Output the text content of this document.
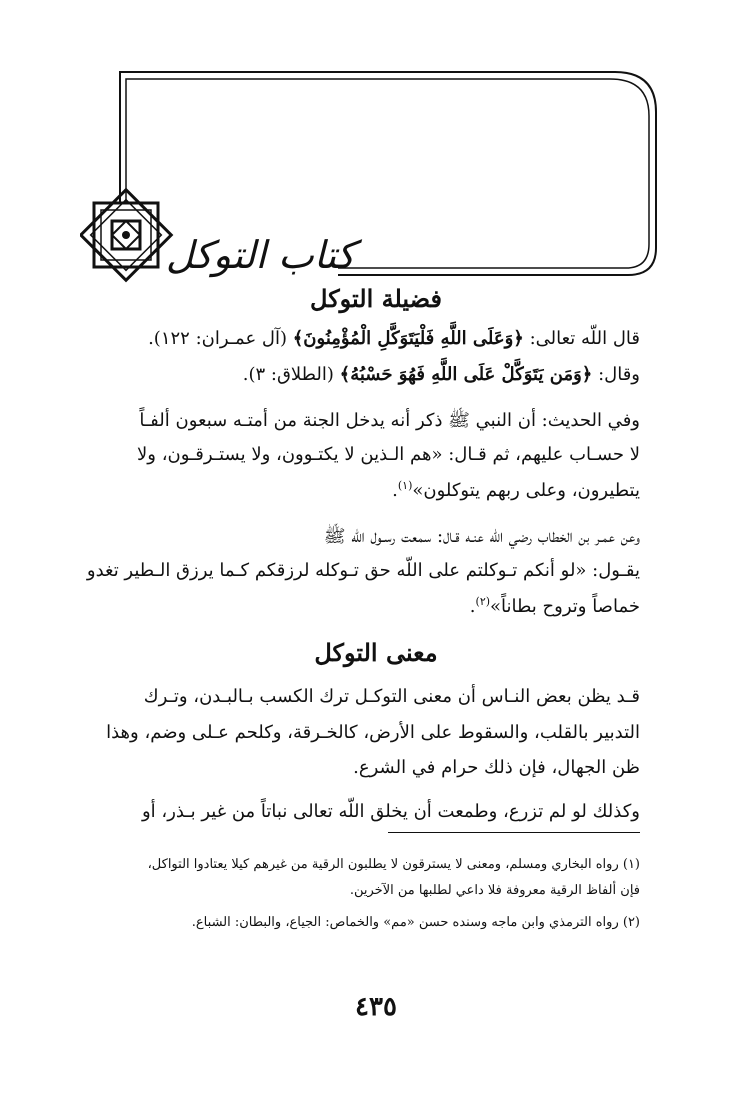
كتاب التوكل
فضيلة التوكل
قال اللّه تعالى: ﴿وَعَلَى اللَّهِ فَلْيَتَوَكَّلِ الْمُؤْمِنُونَ﴾ (آل عمـران: ١٢٢).
وقال: ﴿وَمَن يَتَوَكَّلْ عَلَى اللَّهِ فَهُوَ حَسْبُهُ﴾ (الطلاق: ٣).
وفي الحديث: أن النبي ﷺ ذكر أنه يدخل الجنة من أمتـه سبعون ألفـاً
لا حسـاب عليهم، ثم قـال: «هم الـذين لا يكتـوون، ولا يستـرقـون، ولا
يتطيرون، وعلى ربهم يتوكلون»$^{(١)}$.
وعن عمـر بن الخطاب رضي اللّه عنـه قـال: سمعت رسـول اللّه ﷺ
يقـول: «لو أنكم تـوكلتم على اللّه حق تـوكله لرزقكم كـما يرزق الـطير تغدو
خماصاً وتروح بطاناً»$^{(٢)}$.
معنى التوكل
قـد يظن بعض النـاس أن معنى التوكـل ترك الكسب بـالبـدن، وتـرك
التدبير بالقلب، والسقوط على الأرض، كالخـرقة، وكلحم عـلى وضم، وهذا
ظن الجهال، فإن ذلك حرام في الشرع.
وكذلك لو لم تزرع، وطمعت أن يخلق اللّه تعالى نباتاً من غير بـذر، أو
(١) رواه البخاري ومسلم، ومعنى لا يسترقون لا يطلبون الرقية من غيرهم كيلا يعتادوا التواكل،
فإن ألفاظ الرقية معروفة فلا داعي لطلبها من الآخرين.
(٢) رواه الترمذي وابن ماجه وسنده حسن «مم» والخماص: الجياع، والبطان: الشباع.
٤٣٥
